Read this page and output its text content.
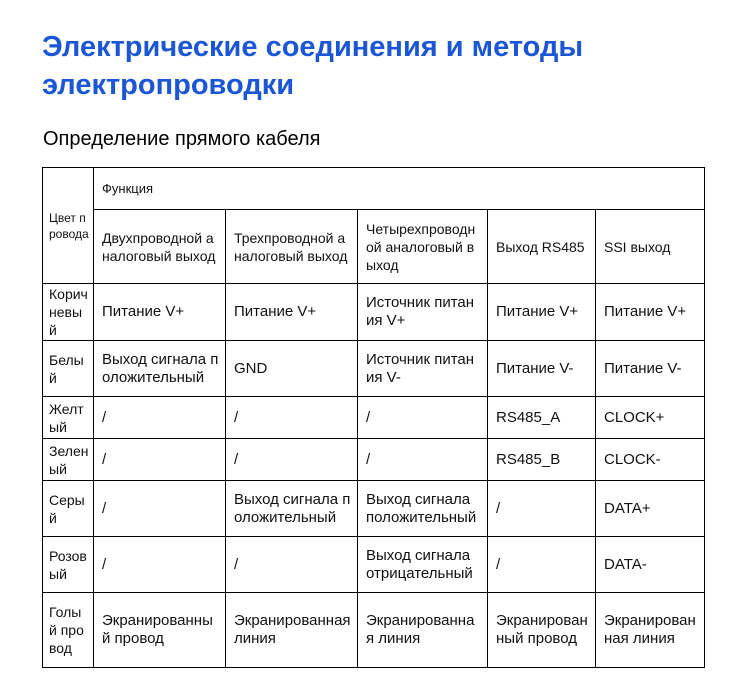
Электрические соединения и методы электропроводки
Определение прямого кабеля
Цвет провода	Функция				

	Двухпроводной аналоговый выход	Трехпроводной аналоговый выход	Четырехпроводной аналоговый выход	Выход RS485	SSI выход

Коричневый	Питание V+	Питание V+	Источник питания V+	Питание V+	Питание V+

Белый	Выход сигнала положительный	GND	Источник питания V-	Питание V-	Питание V-

Желтый	/	/	/	RS485_A	CLOCK+

Зеленый	/	/	/	RS485_B	CLOCK-

Серый	/	Выход сигнала положительный	Выход сигнала положительный	/	DATA+

Розовый	/	/	Выход сигнала отрицательный	/	DATA-

Голый провод	Экранированный провод	Экранированная линия	Экранированная линия	Экранированный провод	Экранированная линия
